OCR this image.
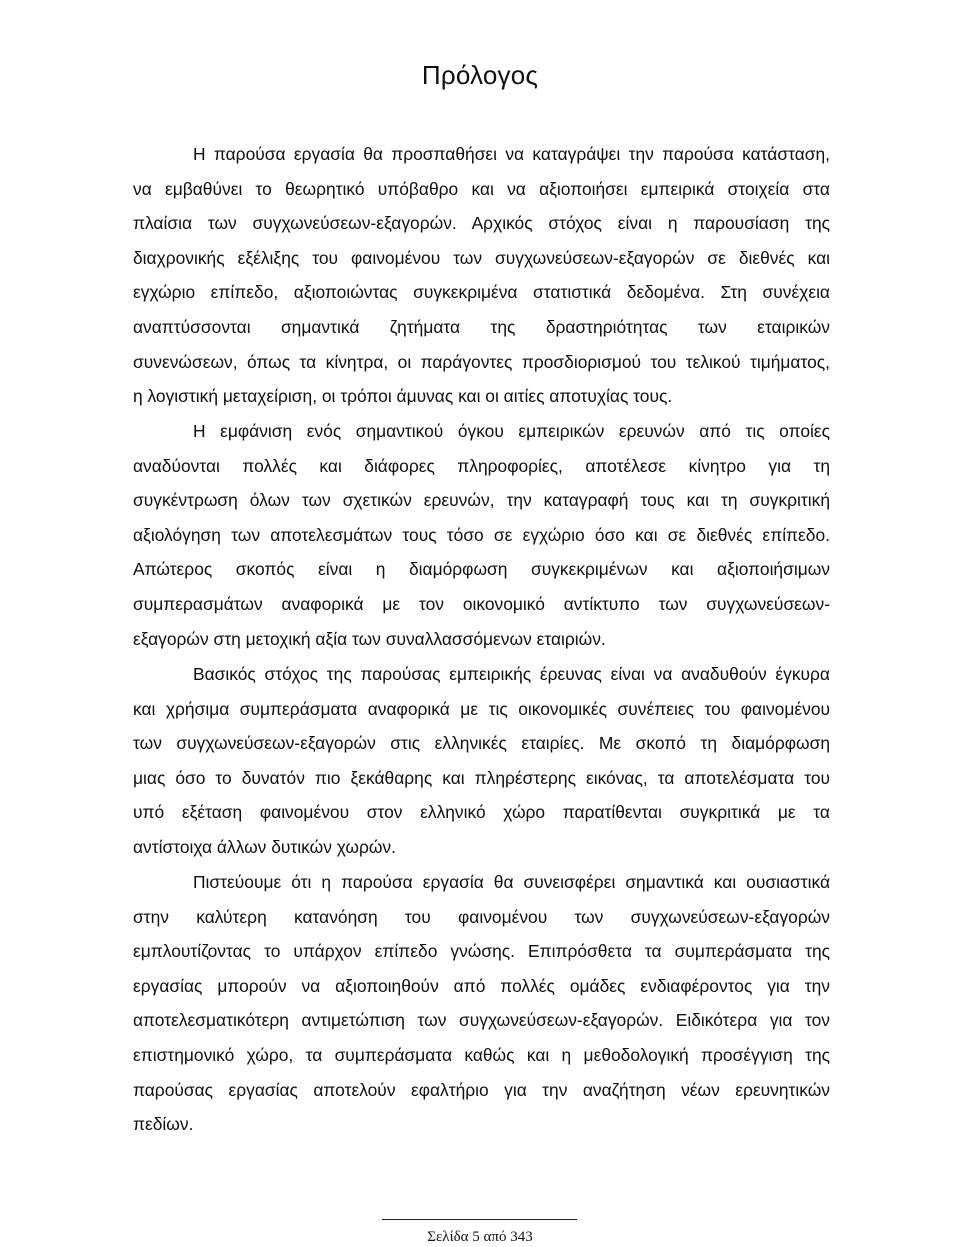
Πρόλογος
Η παρούσα εργασία θα προσπαθήσει να καταγράψει την παρούσα κατάσταση,
να εμβαθύνει το θεωρητικό υπόβαθρο και να αξιοποιήσει εμπειρικά στοιχεία στα
πλαίσια των συγχωνεύσεων-εξαγορών. Αρχικός στόχος είναι η παρουσίαση της
διαχρονικής εξέλιξης του φαινομένου των συγχωνεύσεων-εξαγορών σε διεθνές και
εγχώριο επίπεδο, αξιοποιώντας συγκεκριμένα στατιστικά δεδομένα. Στη συνέχεια
αναπτύσσονται σημαντικά ζητήματα της δραστηριότητας των εταιρικών
συνενώσεων, όπως τα κίνητρα, οι παράγοντες προσδιορισμού του τελικού τιμήματος,
η λογιστική μεταχείριση, οι τρόποι άμυνας και οι αιτίες αποτυχίας τους.
Η εμφάνιση ενός σημαντικού όγκου εμπειρικών ερευνών από τις οποίες
αναδύονται πολλές και διάφορες πληροφορίες, αποτέλεσε κίνητρο για τη
συγκέντρωση όλων των σχετικών ερευνών, την καταγραφή τους και τη συγκριτική
αξιολόγηση των αποτελεσμάτων τους τόσο σε εγχώριο όσο και σε διεθνές επίπεδο.
Απώτερος σκοπός είναι η διαμόρφωση συγκεκριμένων και αξιοποιήσιμων
συμπερασμάτων αναφορικά με τον οικονομικό αντίκτυπο των συγχωνεύσεων-
εξαγορών στη μετοχική αξία των συναλλασσόμενων εταιριών.
Βασικός στόχος της παρούσας εμπειρικής έρευνας είναι να αναδυθούν έγκυρα
και χρήσιμα συμπεράσματα αναφορικά με τις οικονομικές συνέπειες του φαινομένου
των συγχωνεύσεων-εξαγορών στις ελληνικές εταιρίες. Με σκοπό τη διαμόρφωση
μιας όσο το δυνατόν πιο ξεκάθαρης και πληρέστερης εικόνας, τα αποτελέσματα του
υπό εξέταση φαινομένου στον ελληνικό χώρο παρατίθενται συγκριτικά με τα
αντίστοιχα άλλων δυτικών χωρών.
Πιστεύουμε ότι η παρούσα εργασία θα συνεισφέρει σημαντικά και ουσιαστικά
στην καλύτερη κατανόηση του φαινομένου των συγχωνεύσεων-εξαγορών
εμπλουτίζοντας το υπάρχον επίπεδο γνώσης. Επιπρόσθετα τα συμπεράσματα της
εργασίας μπορούν να αξιοποιηθούν από πολλές ομάδες ενδιαφέροντος για την
αποτελεσματικότερη αντιμετώπιση των συγχωνεύσεων-εξαγορών. Ειδικότερα για τον
επιστημονικό χώρο, τα συμπεράσματα καθώς και η μεθοδολογική προσέγγιση της
παρούσας εργασίας αποτελούν εφαλτήριο για την αναζήτηση νέων ερευνητικών
πεδίων.
Σελίδα 5 από 343
